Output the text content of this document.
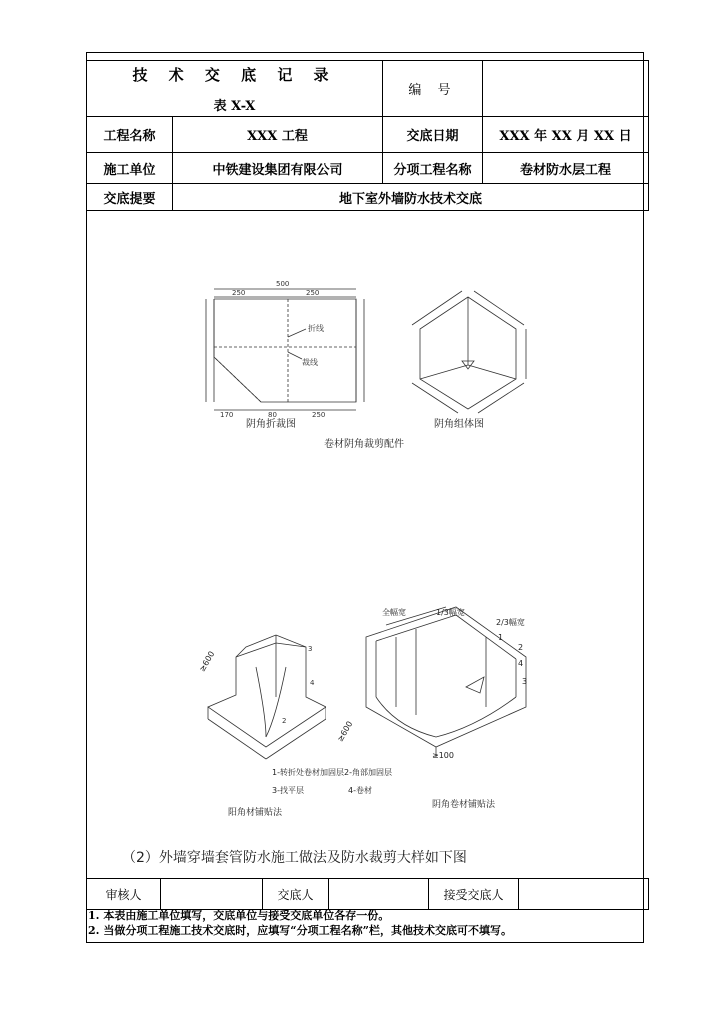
技 术 交 底 记 录
表 X-X		编 号	
工程名称	XXX 工程	交底日期	XXX 年 XX 月 XX 日
施工单位	中铁建设集团有限公司	分项工程名称	卷材防水层工程
交底提要	地下室外墙防水技术交底		
500
250	250
折线
裁线
170	80	250
阴角折裁图	阴角组体图
卷材阴角裁剪配件
3
4
2
≥600
全幅宽	1/3幅宽
2/3幅宽
2
4
3
1
≥600
≥100
1-转折处卷材加固层 2-角部加固层
3-找平层	4-卷材
阳角材铺贴法
阴角卷材铺贴法
（2）外墙穿墙套管防水施工做法及防水裁剪大样如下图
审核人		交底人		接受交底人	
1. 本表由施工单位填写，交底单位与接受交底单位各存一份。
2. 当做分项工程施工技术交底时，应填写“分项工程名称”栏，其他技术交底可不填写。
